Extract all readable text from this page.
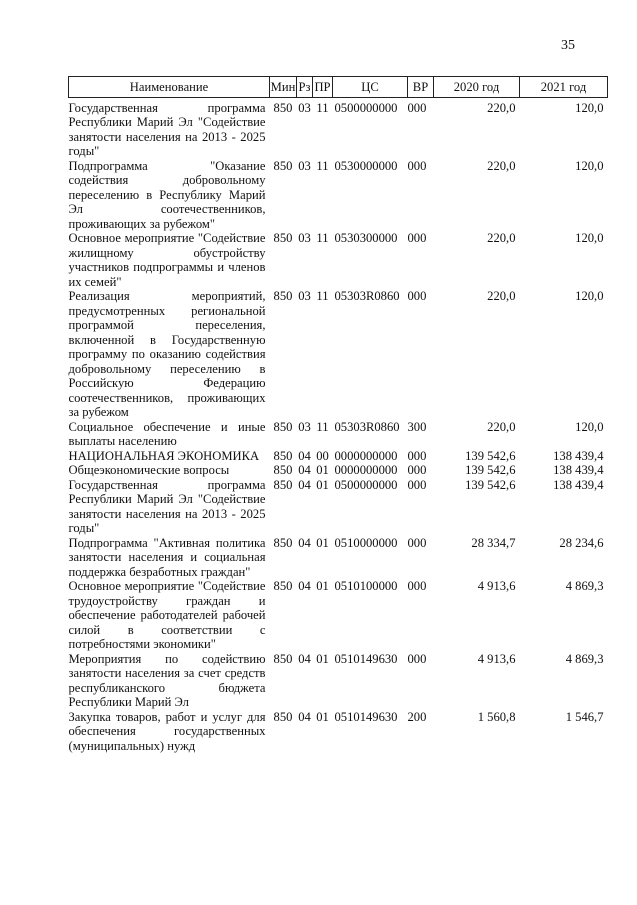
35
Наименование	Мин	Рз	ПР	ЦС	ВР	2020 год	2021 год
Государственная программа Республики Марий Эл "Содействие занятости населения на 2013 - 2025 годы"	850	03	11	0500000000	000	220,0	120,0
Подпрограмма "Оказание содействия добровольному переселению в Республику Марий Эл соотечественников, проживающих за рубежом"	850	03	11	0530000000	000	220,0	120,0
Основное мероприятие "Содействие жилищному обустройству участников подпрограммы и членов их семей"	850	03	11	0530300000	000	220,0	120,0
Реализация мероприятий, предусмотренных региональной программой переселения, включенной в Государственную программу по оказанию содействия добровольному переселению в Российскую Федерацию соотечественников, проживающих за рубежом	850	03	11	05303R0860	000	220,0	120,0
Социальное обеспечение и иные выплаты населению	850	03	11	05303R0860	300	220,0	120,0
НАЦИОНАЛЬНАЯ ЭКОНОМИКА	850	04	00	0000000000	000	139 542,6	138 439,4
Общеэкономические вопросы	850	04	01	0000000000	000	139 542,6	138 439,4
Государственная программа Республики Марий Эл "Содействие занятости населения на 2013 - 2025 годы"	850	04	01	0500000000	000	139 542,6	138 439,4
Подпрограмма "Активная политика занятости населения и социальная поддержка безработных граждан"	850	04	01	0510000000	000	28 334,7	28 234,6
Основное мероприятие "Содействие трудоустройству граждан и обеспечение работодателей рабочей силой в соответствии с потребностями экономики"	850	04	01	0510100000	000	4 913,6	4 869,3
Мероприятия по содействию занятости населения за счет средств республиканского бюджета Республики Марий Эл	850	04	01	0510149630	000	4 913,6	4 869,3
Закупка товаров, работ и услуг для обеспечения государственных (муниципальных) нужд	850	04	01	0510149630	200	1 560,8	1 546,7
